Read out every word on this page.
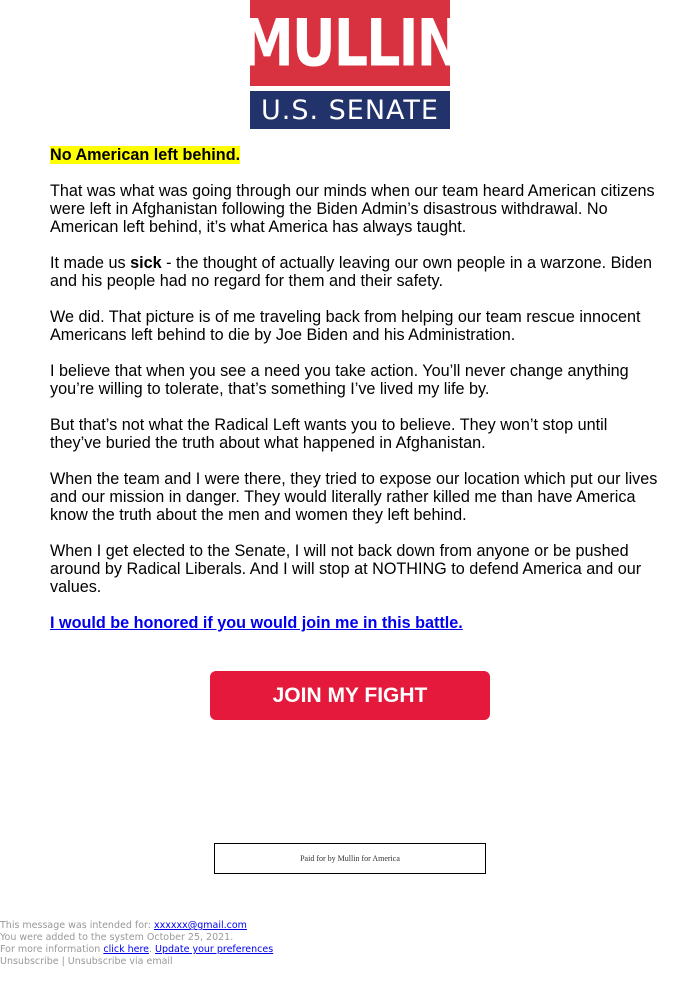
MULLIN
U.S. SENATE

No American left behind.

That was what was going through our minds when our team heard American citizens were left in Afghanistan following the Biden Admin’s disastrous withdrawal. No American left behind, it’s what America has always taught.

It made us sick - the thought of actually leaving our own people in a warzone. Biden and his people had no regard for them and their safety.

We did. That picture is of me traveling back from helping our team rescue innocent Americans left behind to die by Joe Biden and his Administration.

I believe that when you see a need you take action. You’ll never change anything you’re willing to tolerate, that’s something I’ve lived my life by.

But that’s not what the Radical Left wants you to believe. They won’t stop until they’ve buried the truth about what happened in Afghanistan.

When the team and I were there, they tried to expose our location which put our lives and our mission in danger. They would literally rather killed me than have America know the truth about the men and women they left behind.

When I get elected to the Senate, I will not back down from anyone or be pushed around by Radical Liberals. And I will stop at NOTHING to defend America and our values.

I would be honored if you would join me in this battle.

JOIN MY FIGHT
Paid for by Mullin for America
This message was intended for: xxxxxx@gmail.com
You were added to the system October 25, 2021.
For more information click here. Update your preferences
Unsubscribe | Unsubscribe via email
